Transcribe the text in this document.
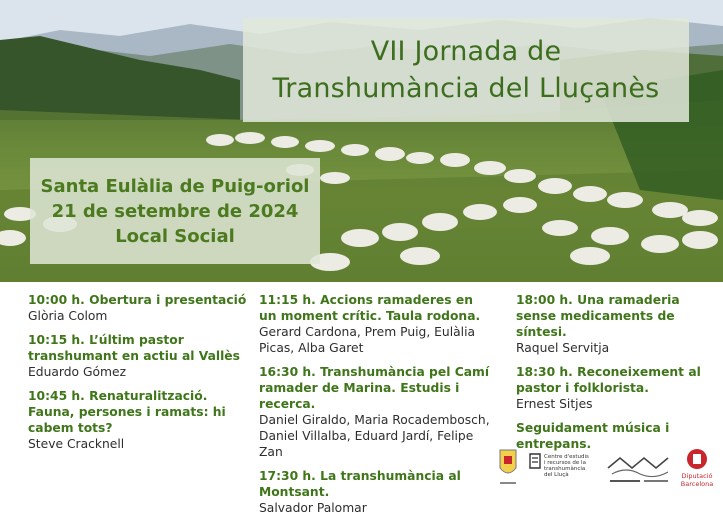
VII Jornada de
Transhumància del Lluçanès
Santa Eulàlia de Puig-oriol
21 de setembre de 2024
Local Social
10:00 h. Obertura i presentació
Glòria Colom
10:15 h. L’últim pastor transhumant en actiu al Vallès
Eduardo Gómez
10:45 h. Renaturalització. Fauna, persones i ramats: hi cabem tots?
Steve Cracknell
11:15 h. Accions ramaderes en un moment crític. Taula rodona.
Gerard Cardona, Prem Puig, Eulàlia Picas, Alba Garet
16:30 h. Transhumància pel Camí ramader de Marina. Estudis i recerca.
Daniel Giraldo, Maria Rocadembosch, Daniel Villalba, Eduard Jardí, Felipe Zan
17:30 h. La transhumància al Montsant.
Salvador Palomar
18:00 h. Una ramaderia sense medicaments de síntesi.
Raquel Servitja
18:30 h. Reconeixement al pastor i folklorista.
Ernest Sitjes
Seguidament música i entrepans.
Centre d'estudis
i recursos de la
transhumància
del Lluçà	Diputació
Barcelona
